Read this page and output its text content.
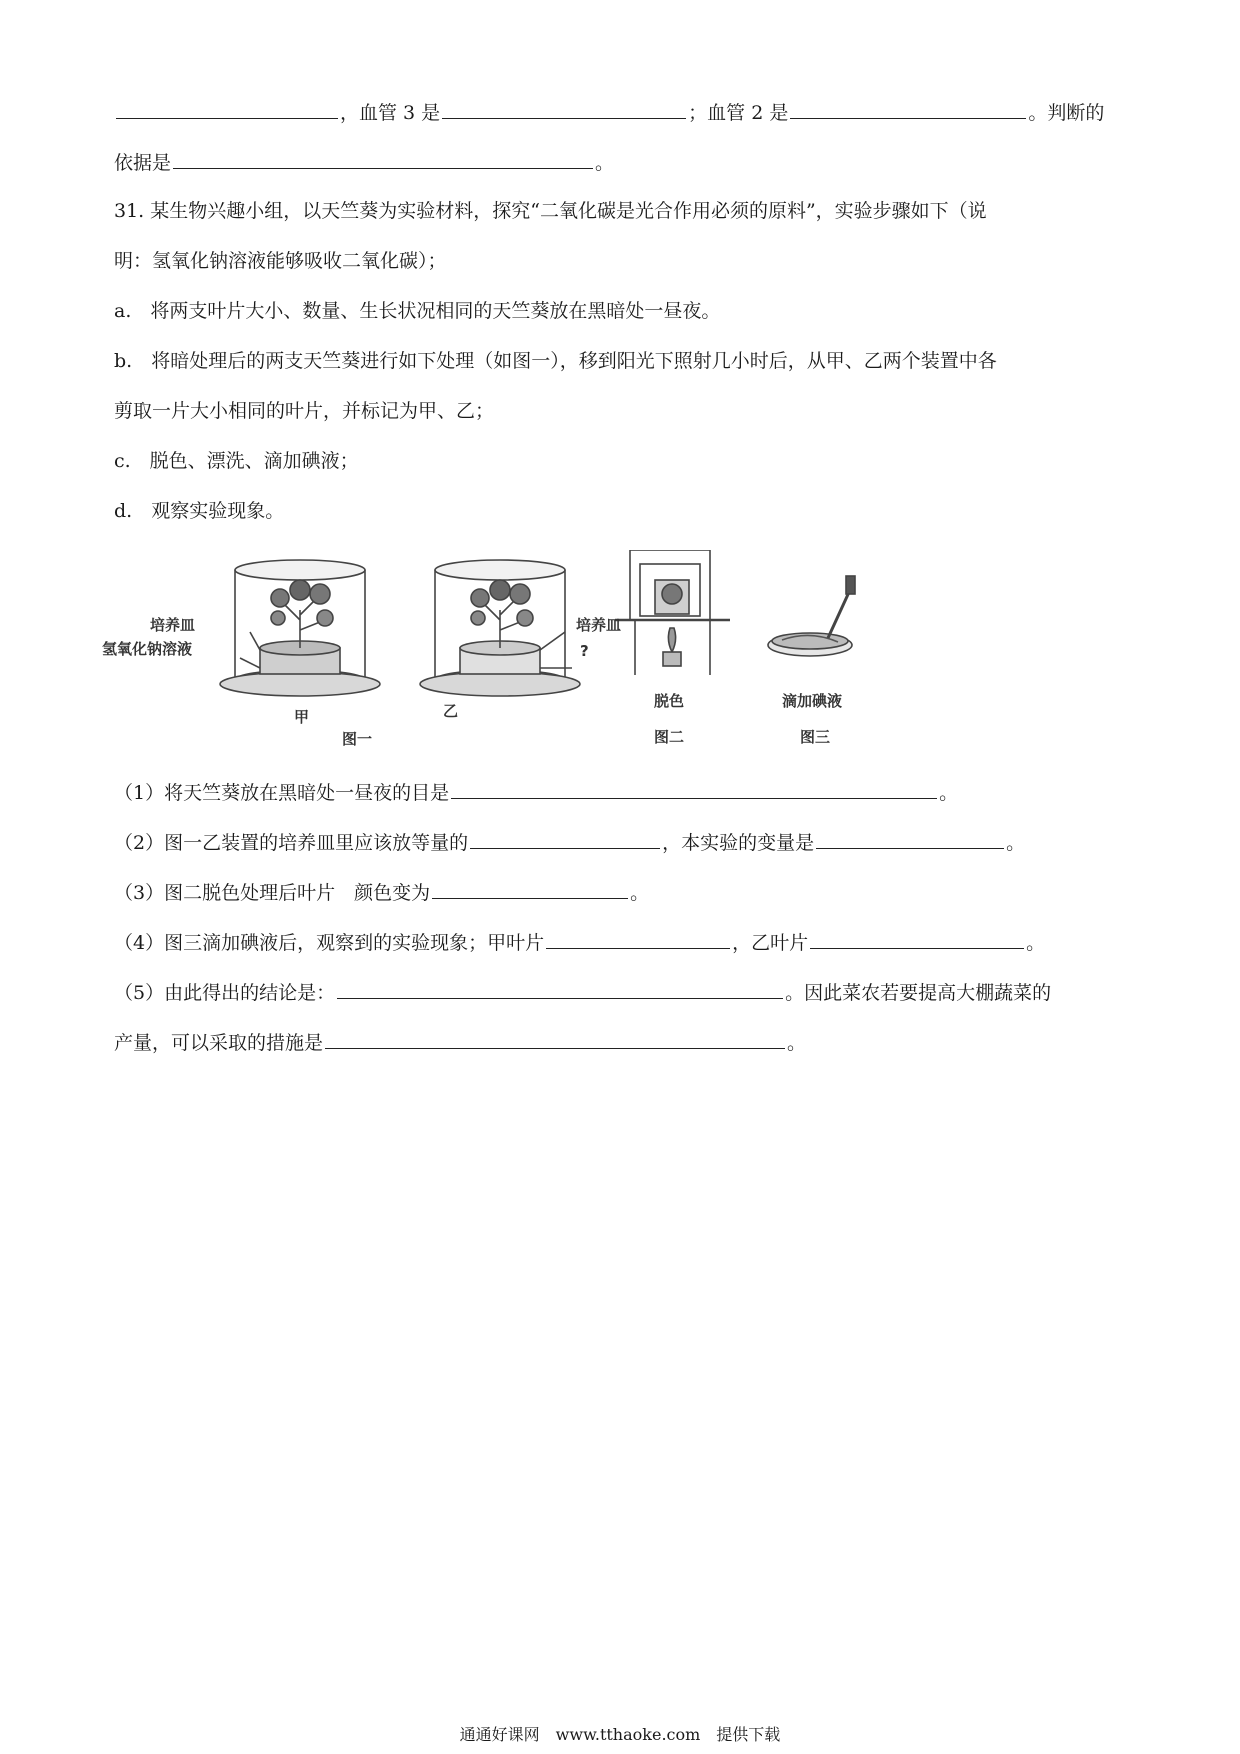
，血管 3 是	；血管 2 是	。判断的
依据是	。
31. 某生物兴趣小组，以天竺葵为实验材料，探究“二氧化碳是光合作用必须的原料”，实验步骤如下（说
明：氢氧化钠溶液能够吸收二氧化碳）；
a.　将两支叶片大小、数量、生长状况相同的天竺葵放在黑暗处一昼夜。
b.　将暗处理后的两支天竺葵进行如下处理（如图一），移到阳光下照射几小时后，从甲、乙两个装置中各
剪取一片大小相同的叶片，并标记为甲、乙；
c.　脱色、漂洗、滴加碘液；
d.　观察实验现象。
培养皿
氢氧化钠溶液
培养皿
?
甲	乙
图一
脱色
图二
滴加碘液
图三
（1）将天竺葵放在黑暗处一昼夜的目是	。
（2）图一乙装置的培养皿里应该放等量的	，本实验的变量是	。
（3）图二脱色处理后叶片　颜色变为	。
（4）图三滴加碘液后，观察到的实验现象；甲叶片	，乙叶片	。
（5）由此得出的结论是：	。因此菜农若要提高大棚蔬菜的
产量，可以采取的措施是	。
通通好课网　www.tthaoke.com　提供下载
